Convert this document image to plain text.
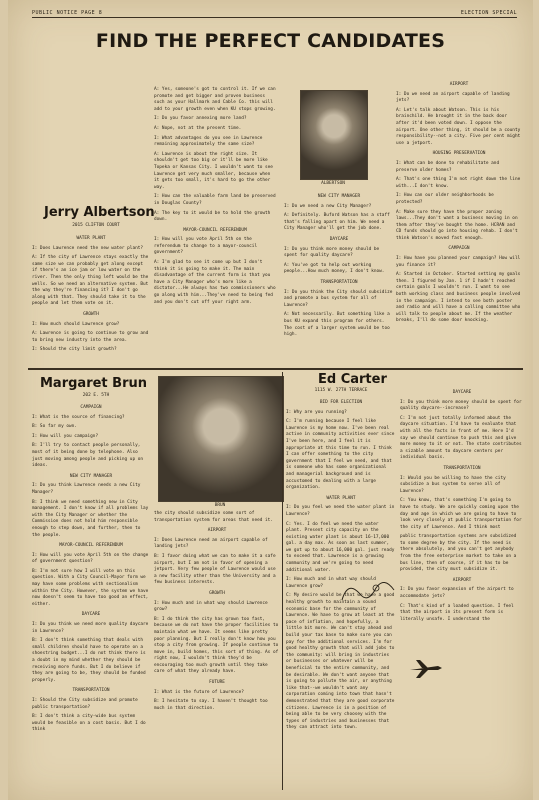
PUBLIC NOTICE PAGE 8	ELECTION SPECIAL
FIND THE PERFECT CANDIDATES
Jerry Albertson
2015 CLIFTON COURT

WATER PLANT

I: Does Lawrence need the new water plant?

A: If the city of Lawrence stays exactly the same size we can probably get along except if there's an ice jam or low water on the river. Then the only thing left would be the wells. So we need an alternative system. But the way they're financing it? I don't go along with that. They should take it to the people and let them vote on it.

GROWTH

I: How much should Lawrence grow?

A: Lawrence is going to continue to grow and to bring new industry into the area.

I: Should the city limit growth?

A: Yes, someone's got to control it. If we can promote and get bigger and proven business such as your Hallmark and Cable Co. this will add to your growth even when KU stops growing.

I: Do you favor annexing more land?

A: Nope, not at the present time.

I: What advantages do you see in Lawrence remaining approximately the same size?

A: Lawrence is about the right size. It shouldn't get too big or it'll be more like Topeka or Kansas City. I wouldn't want to see Lawrence get very much smaller, because when it gets too small, it's hard to go the other way.

I: How can the valuable farm land be preserved in Douglas County?

A: The key to it would be to hold the growth down.

MAYOR-COUNCIL REFERENDUM

I: How will you vote April 5th on the referendum to change to a mayor-council government?

A: I'm glad to see it come up but I don't think it is going to make it. The main disadvantage of the current form is that you have a City Manager who's more like a dictator...He always has two commissioners who go along with him...They've need to being fed and you don't cut off your right arm.

ALBERTSON

NEW CITY MANAGER

I: Do we need a new City Manager?

A: Definitely. Buford Watson has a staff that's falling apart on him. We need a City Manager who'll get the job done.

DAYCARE

I: Do you think more money should be spent for quality daycare?

A: You've got to help out working people...How much money, I don't know.

TRANSPORTATION

I: Do you think the City should subsidize and promote a bus system for all of Lawrence?

A: Not necessarily. But something like a bus KU expand this program for others. The cost of a larger system would be too high.

AIRPORT

I: Do we need an airport capable of landing jets?

A: Let's talk about Watson. This is his brainchild. He brought it in the back door after it'd been voted down. I oppose the airport. One other thing, it should be a county responsibility--not a city. Five per cent might use a jetport.

HOUSING PRESERVATION

I: What can be done to rehabilitate and preserve older homes?

A: That's one thing I'm not right down the line with...I don't know.

I: How can our older neighborhoods be protected?

A: Make sure they have the proper zoning laws...They don't want a business moving in on them after they've bought the home. HCRAN and CD funds should go into housing rehab. I don't think Watson's moved fast enough.

CAMPAIGN

I: How have you planned your campaign? How will you finance it?

A: Started in October. Started setting my goals then. I figured by Jan. 1 if I hadn't reached certain goals I wouldn't run. I want to see both working class and business people involved in the campaign. I intend to see both poster and radio and will have a calling committee who will talk to people about me. If the weather breaks, I'll do some door knocking.

Margaret Brun
202 E. 5TH

CAMPAIGN

I: What is the source of financing?

B: So far my own.

I: How will you campaign?

B: I'll try to contact people personally, most of it being done by telephone. Also just moving among people and picking up on ideas.

NEW CITY MANAGER

I: Do you think Lawrence needs a new City Manager?

B: I think we need something new in City management. I don't know if all problems lay with the City Manager or whether the Commission does not hold him responsible enough to step down, and further, then to the people.

MAYOR-COUNCIL REFERENDUM

I: How will you vote April 5th on the change of government question?

B: I'm not sure how I will vote on this question. With a City Council-Mayor form we may have some problems with sectionalism within the City. However, the system we have now doesn't seem to have too good an effect, either.

DAYCARE

I: Do you think we need more quality daycare in Lawrence?

B: I don't think something that deals with small children should have to operate on a shoestring budget...I do not think there is a doubt in my mind whether they should be receiving more funds. But I do believe if they are going to be, they should be funded properly.

TRANSPORTATION

I: Should the City subsidize and promote public transportation?

B: I don't think a city-wide bus system would be feasible on a cost basis. But I do think

BRUN

the city should subsidize some sort of transportation system for areas that need it.

AIRPORT

I: Does Lawrence need an airport capable of landing jets?

B: I favor doing what we can to make it a safe airport, but I am not in favor of opening a jetport. Very few people of Lawrence would use a new facility other than the University and a few business interests.

GROWTH

I: How much and in what way should Lawrence grow?

B: I do think the city has grown too fast, because we do not have the proper facilities to maintain what we have. It seems like pretty poor planning. But I really don't know how you stop a city from growing. If people continue to move in, build homes, this sort of thing. As of right now, I wouldn't think they'd be encouraging too much growth until they take care of what they already have.

FUTURE

I: What is the future of Lawrence?

B: I hesitate to say. I haven't thought too much in that direction.

Ed Carter
1115 W. 27TH TERRACE

BID FOR ELECTION

I: Why are you running?

C: I'm running because I feel like Lawrence is my home now. I've been real active in community activities ever since I've been here, and I feel it is appropriate at this time to run. I think I can offer something to the city government that I feel we need, and that is someone who has some organizational and managerial background and is accustomed to dealing with a large organization.

WATER PLANT

I: Do you feel we need the water plant in Lawrence?

C: Yes. I do feel we need the water plant. Present city capacity on the existing water plant is about 16-17,000 gal. a day max. As soon as last summer, we got up to about 16,000 gal. just ready to exceed that. Lawrence is a growing community and we're going to need additional water.

I: How much and in what way should Lawrence grow?

C: My desire would be that we have a good healthy growth to maintain a sound economic base for the community of Lawrence. We have to grow at least at the pace of inflation, and hopefully, a little bit more. We can't stay ahead and build your tax base to make sure you can pay for the additional services. I'm for good healthy growth that will add jobs to the community: will bring in industries or businesses or whatever will be beneficial to the entire community, and be desirable. We don't want anyone that is going to pollute the air, or anything like that--we wouldn't want any corporation coming into town that hasn't demonstrated that they are good corporate citizens. Lawrence is in a position of being able to be very choosey with the types of industries and businesses that they can attract into town.

DAYCARE

I: Do you think more money should be spent for quality daycare--increase?

C: I'm not just totally informed about the daycare situation. I'd have to evaluate that with all the facts in front of me. Here I'd say we should continue to push this and give more money to it or not. The state contributes a sizable amount to daycare centers per individual basis.

TRANSPORTATION

I: Would you be willing to have the city subsidize a bus system to serve all of Lawrence?

C: You know, that's something I'm going to have to study. We are quickly coming upon the day and age in which we are going to have to look very closely at public transportation for the city of Lawrence. And I think most

public transportation systems are subsidized to some degree by the city. If the need is there absolutely, and you can't get anybody from the free enterprise market to take on a bus line, then of course, if it has to be provided, the city must subsidize it.

AIRPORT

I: Do you favor expansion of the airport to accommodate jets?

C: That's kind of a loaded question. I feel that the airport in its present form is literally unsafe. I understand the
